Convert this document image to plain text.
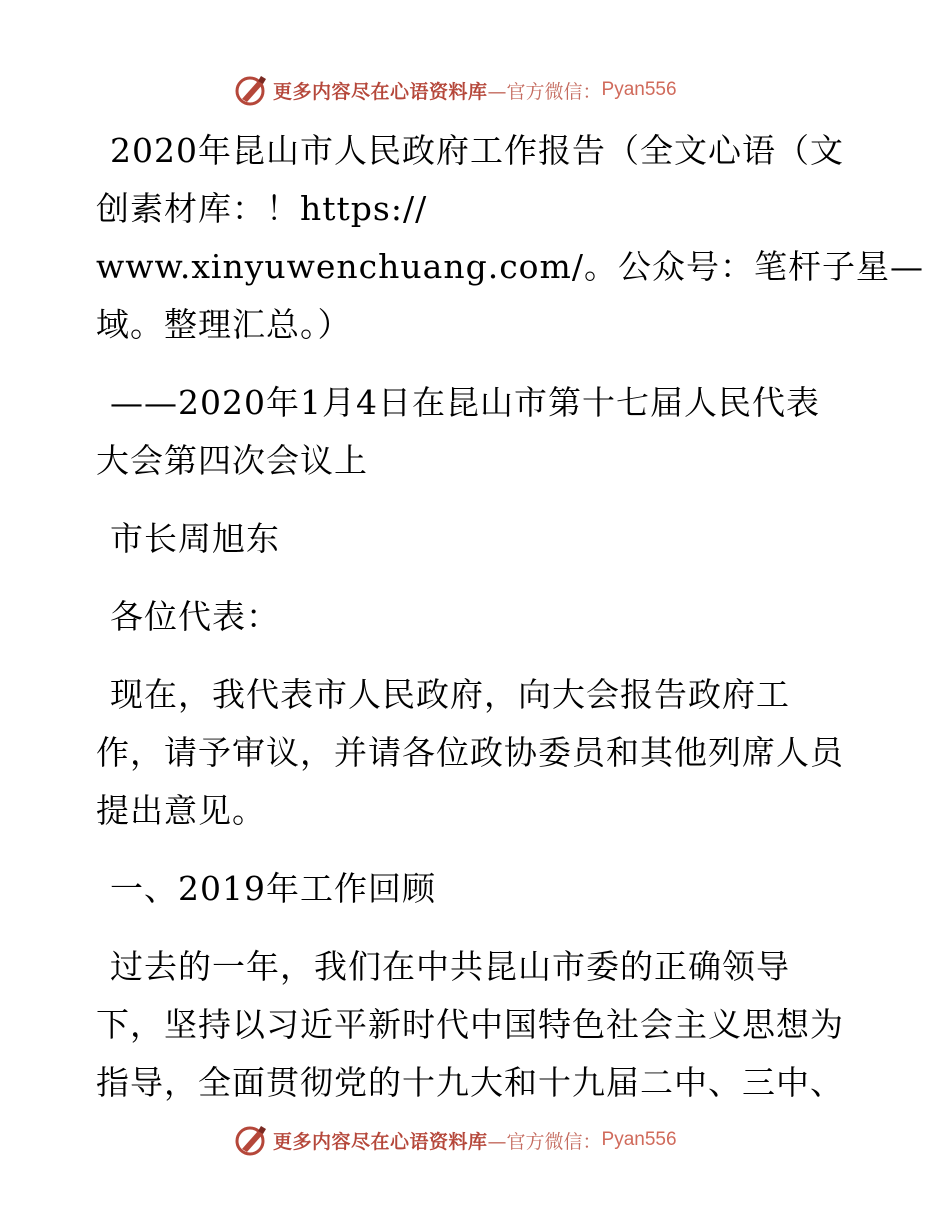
更多内容尽在心语资料库 —官方微信： Pyan556
2020年昆山市人民政府工作报告（全文心语（文
创素材库：！https://
www.xinyuwenchuang.com/。公众号：笔杆子星—
域。整理汇总。）
——2020年1月4日在昆山市第十七届人民代表
大会第四次会议上
市长周旭东
各位代表：
现在，我代表市人民政府，向大会报告政府工
作，请予审议，并请各位政协委员和其他列席人员
提出意见。
一、2019年工作回顾
过去的一年，我们在中共昆山市委的正确领导
下，坚持以习近平新时代中国特色社会主义思想为
指导，全面贯彻党的十九大和十九届二中、三中、
更多内容尽在心语资料库 —官方微信： Pyan556
